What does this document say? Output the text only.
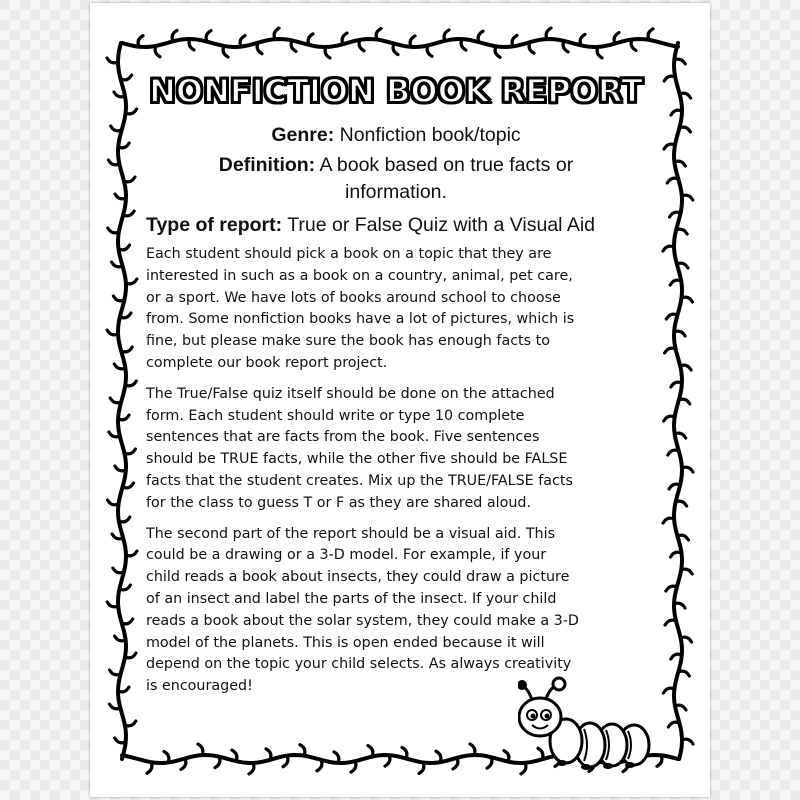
NONFICTION BOOK REPORT
Genre: Nonfiction book/topic
Definition: A book based on true facts or
information.
Type of report: True or False Quiz with a Visual Aid
Each student should pick a book on a topic that they are
interested in such as a book on a country, animal, pet care,
or a sport. We have lots of books around school to choose
from. Some nonfiction books have a lot of pictures, which is
fine, but please make sure the book has enough facts to
complete our book report project.
The True/False quiz itself should be done on the attached
form. Each student should write or type 10 complete
sentences that are facts from the book. Five sentences
should be TRUE facts, while the other five should be FALSE
facts that the student creates. Mix up the TRUE/FALSE facts
for the class to guess T or F as they are shared aloud.
The second part of the report should be a visual aid. This
could be a drawing or a 3-D model. For example, if your
child reads a book about insects, they could draw a picture
of an insect and label the parts of the insect. If your child
reads a book about the solar system, they could make a 3-D
model of the planets. This is open ended because it will
depend on the topic your child selects. As always creativity
is encouraged!
